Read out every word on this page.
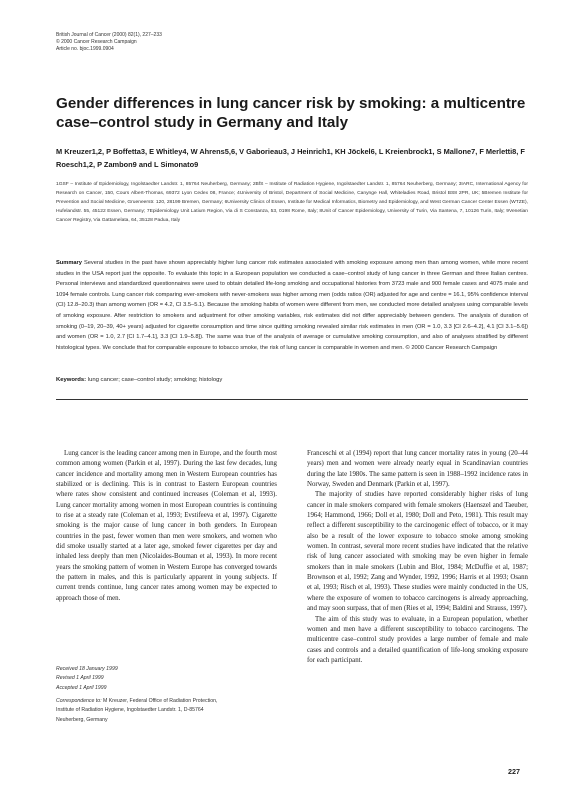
British Journal of Cancer (2000) 82(1), 227–233
© 2000 Cancer Research Campaign
Article no. bjoc.1999.0904
Gender differences in lung cancer risk by smoking: a multicentre case–control study in Germany and Italy
M Kreuzer1,2, P Boffetta3, E Whitley4, W Ahrens5,6, V Gaborieau3, J Heinrich1, KH Jöckel6, L Kreienbrock1, S Mallone7, F Merletti8, F Roesch1,2, P Zambon9 and L Simonato9
1GSF – Institute of Epidemiology, Ingolstaedter Landstr. 1, 85764 Neuherberg, Germany; 2BfS – Institute of Radiation Hygiene, Ingolstaedter Landstr. 1, 85764 Neuherberg, Germany; 3IARC, International Agency for Research on Cancer, 150, Cours Albert-Thomas, 69372 Lyon Cedex 08, France; 4University of Bristol, Department of Social Medicine, Canynge Hall, Whiteladies Road, Bristol BS8 2PR, UK; 5Bremen Institute for Prevention and Social Medicine, Grueneerstr. 120, 28199 Bremen, Germany; 6University Clinics of Essen, Institute for Medical Informatics, Biometry and Epidemiology, and West German Cancer Center Essen (WTZE), Hufelandstr. 55, 45122 Essen, Germany; 7Epidemiology Unit Latium Region, Via di S Constanza, 53, 0198 Rome, Italy; 8Unit of Cancer Epidemiology, University of Turin, Via Santena, 7, 10126 Turin, Italy; 9Venetian Cancer Registry, Via Gattamelata, 64, 35128 Padua, Italy

Summary Several studies in the past have shown appreciably higher lung cancer risk estimates associated with smoking exposure among men than among women, while more recent studies in the USA report just the opposite. To evaluate this topic in a European population we conducted a case–control study of lung cancer in three German and three Italian centres. Personal interviews and standardized questionnaires were used to obtain detailed life-long smoking and occupational histories from 3723 male and 900 female cases and 4075 male and 1094 female controls. Lung cancer risk comparing ever-smokers with never-smokers was higher among men (odds ratios (OR) adjusted for age and centre = 16.1, 95% confidence interval (CI) 12.8–20.3) than among women (OR = 4.2, CI 3.5–5.1). Because the smoking habits of women were different from men, we conducted more detailed analyses using comparable levels of smoking exposure. After restriction to smokers and adjustment for other smoking variables, risk estimates did not differ appreciably between genders. The analysis of duration of smoking (0–19, 20–39, 40+ years) adjusted for cigarette consumption and time since quitting smoking revealed similar risk estimates in men (OR = 1.0, 3.3 [CI 2.6–4.2], 4.1 [CI 3.1–5.6]) and women (OR = 1.0, 2.7 [CI 1.7–4.1], 3.3 [CI 1.9–5.8]). The same was true of the analysis of average or cumulative smoking consumption, and also of analyses stratified by different histological types. We conclude that for comparable exposure to tobacco smoke, the risk of lung cancer is comparable in women and men. © 2000 Cancer Research Campaign

Keywords: lung cancer; case–control study; smoking; histology

Lung cancer is the leading cancer among men in Europe, and the fourth most common among women (Parkin et al, 1997). During the last few decades, lung cancer incidence and mortality among men in Western European countries has stabilized or is declining. This is in contrast to Eastern European countries where rates show consistent and continued increases (Coleman et al, 1993). Lung cancer mortality among women in most European countries is continuing to rise at a steady rate (Coleman et al, 1993; Evstifeeva et al, 1997). Cigarette smoking is the major cause of lung cancer in both genders. In European countries in the past, fewer women than men were smokers, and women who did smoke usually started at a later age, smoked fewer cigarettes per day and inhaled less deeply than men (Nicolaides-Bouman et al, 1993). In more recent years the smoking pattern of women in Western Europe has converged towards the pattern in males, and this is particularly apparent in young subjects. If current trends continue, lung cancer rates among women may be expected to approach those of men.

Franceschi et al (1994) report that lung cancer mortality rates in young (20–44 years) men and women were already nearly equal in Scandinavian countries during the late 1980s. The same pattern is seen in 1988–1992 incidence rates in Norway, Sweden and Denmark (Parkin et al, 1997).

The majority of studies have reported considerably higher risks of lung cancer in male smokers compared with female smokers (Haenszel and Taeuber, 1964; Hammond, 1966; Doll et al, 1980; Doll and Peto, 1981). This result may reflect a different susceptibility to the carcinogenic effect of tobacco, or it may also be a result of the lower exposure to tobacco smoke among smoking women. In contrast, several more recent studies have indicated that the relative risk of lung cancer associated with smoking may be even higher in female smokers than in male smokers (Lubin and Blot, 1984; McDuffie et al, 1987; Brownson et al, 1992; Zang and Wynder, 1992, 1996; Harris et al 1993; Osann et al, 1993; Risch et al, 1993). These studies were mainly conducted in the US, where the exposure of women to tobacco carcinogens is already approaching, and may soon surpass, that of men (Ries et al, 1994; Baldini and Strauss, 1997).

The aim of this study was to evaluate, in a European population, whether women and men have a different susceptibility to tobacco carcinogens. The multicentre case–control study provides a large number of female and male cases and controls and a detailed quantification of life-long smoking exposure for each participant.

Received 18 January 1999
Revised 1 April 1999
Accepted 1 April 1999
Correspondence to: M Kreuzer, Federal Office of Radiation Protection,
Institute of Radiation Hygiene, Ingolstaedter Landstr. 1, D-85764
Neuherberg, Germany
227
